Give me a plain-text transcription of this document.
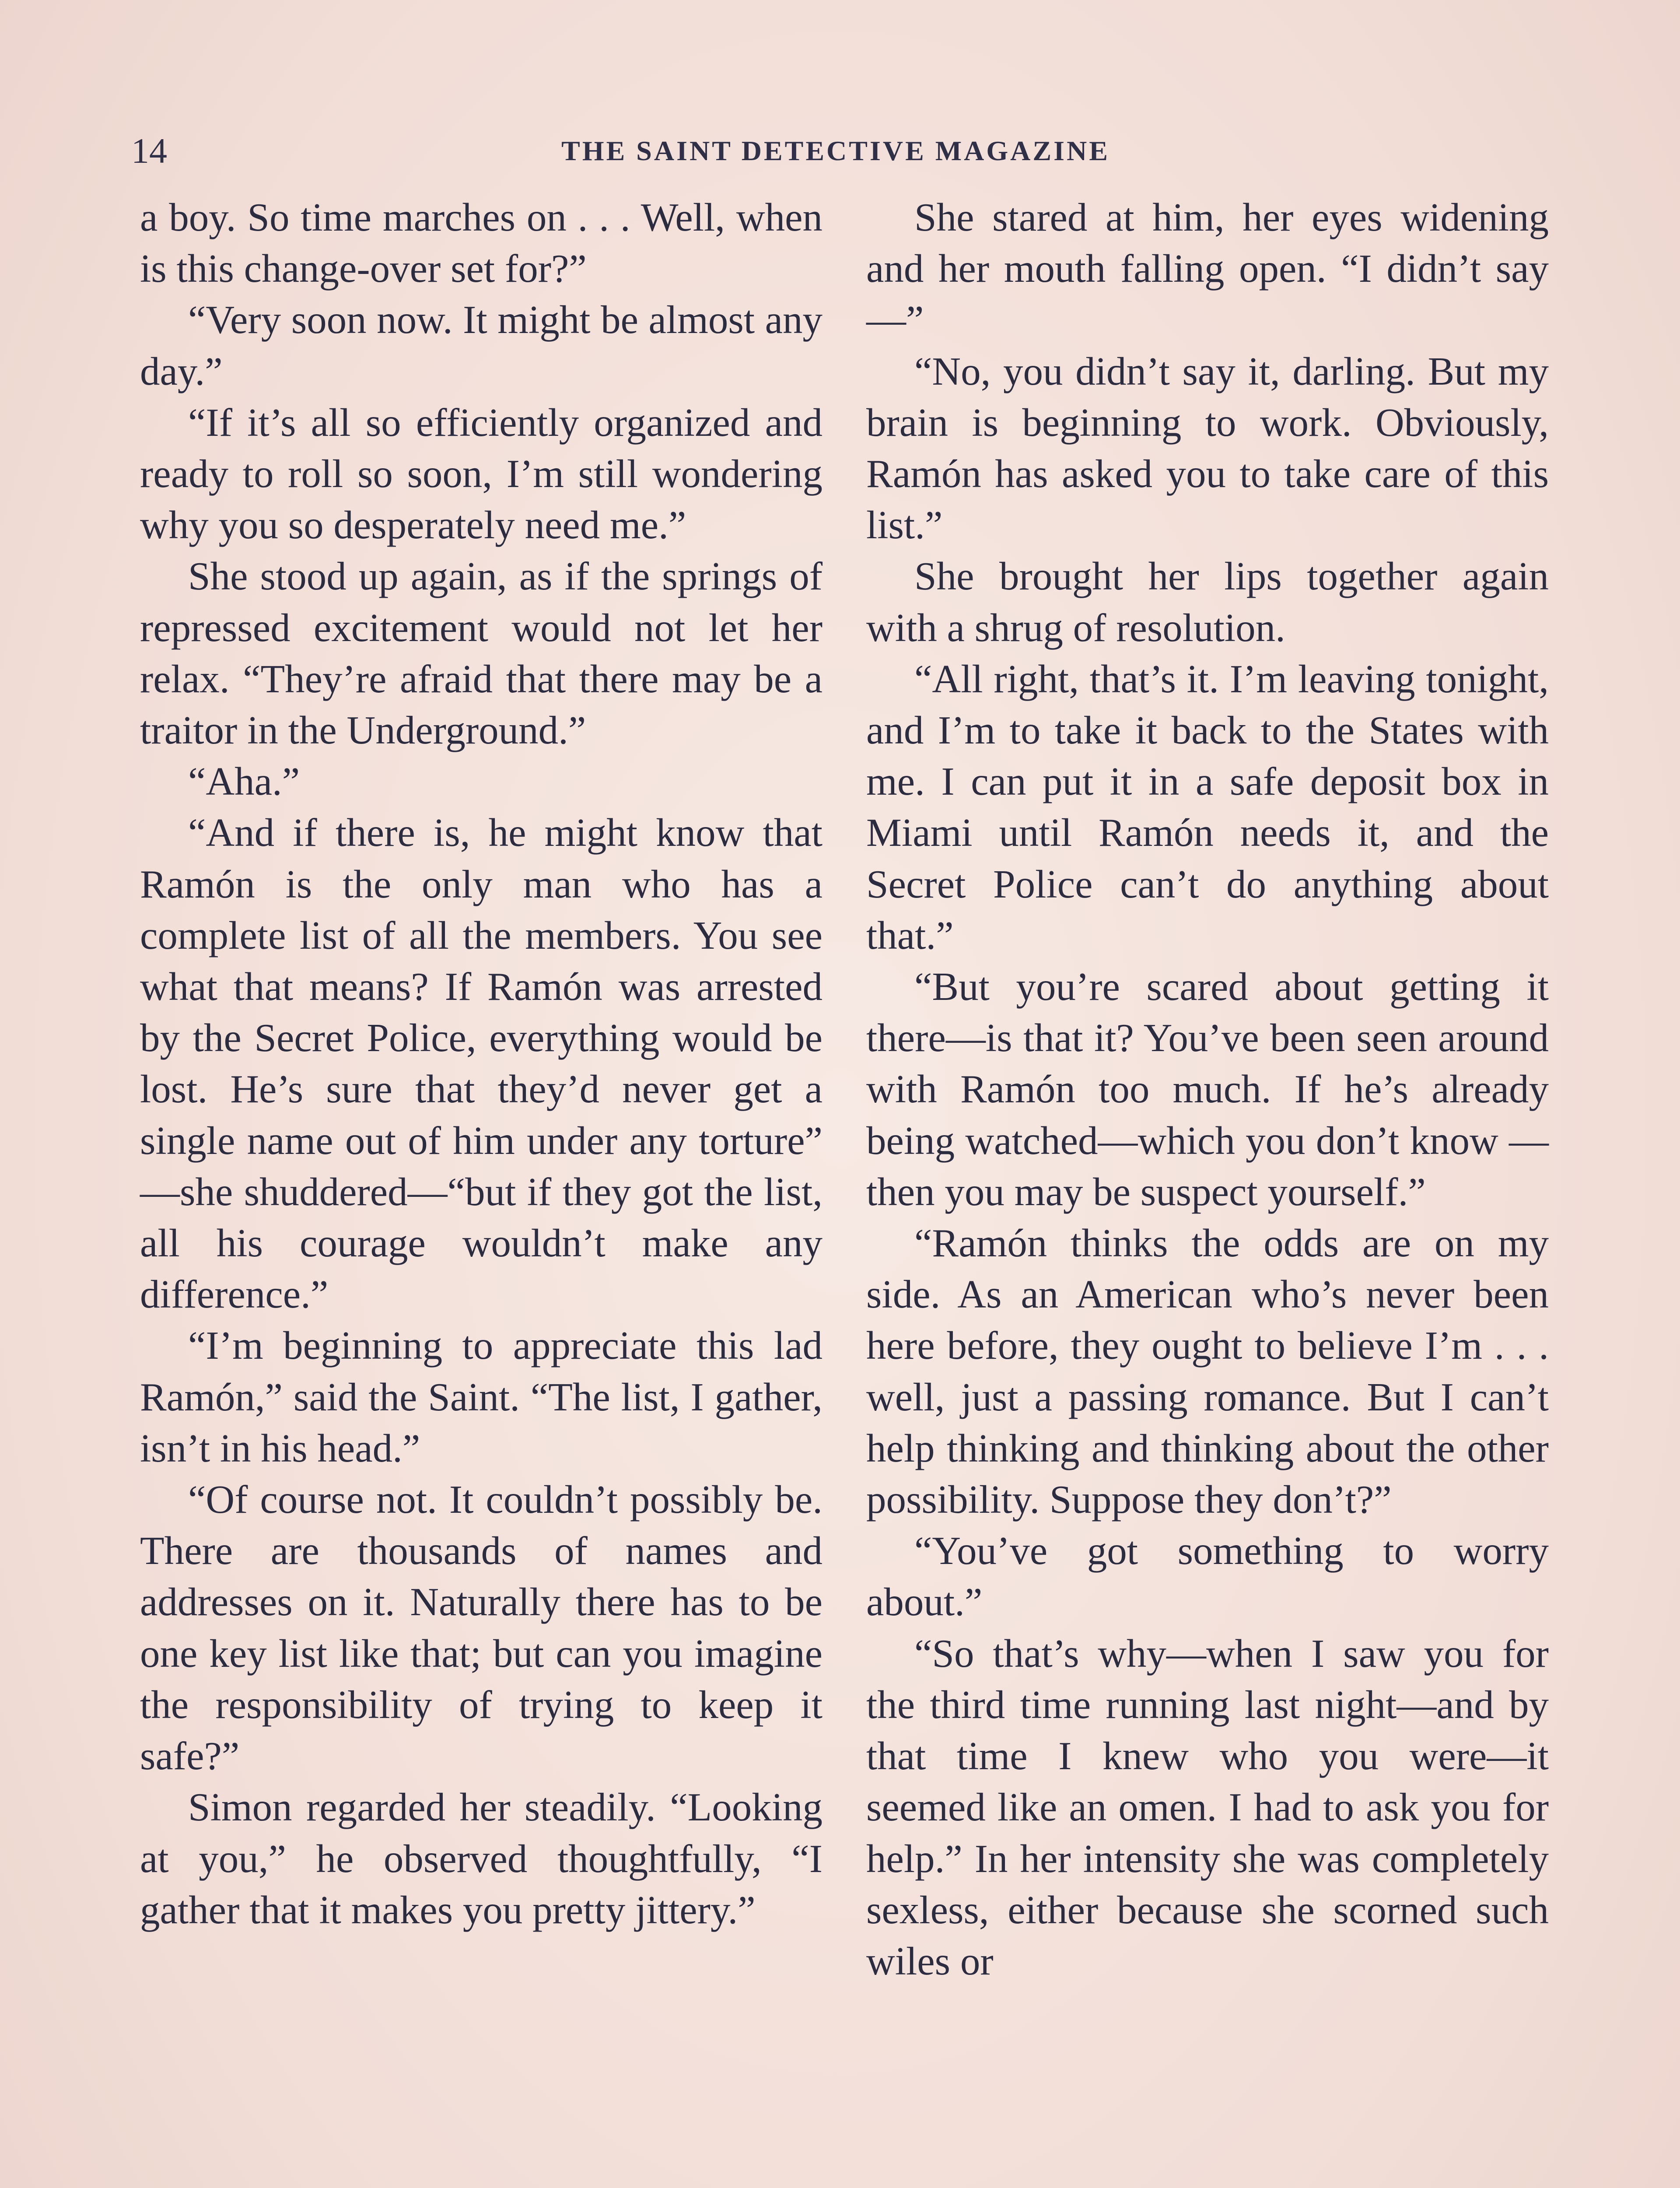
14	THE SAINT DETECTIVE MAGAZINE

a boy. So time marches on . . . Well, when is this change-over set for?”

“Very soon now. It might be almost any day.”

“If it’s all so efficiently organized and ready to roll so soon, I’m still wondering why you so desperately need me.”

She stood up again, as if the springs of repressed excitement would not let her relax. “They’re afraid that there may be a traitor in the Underground.”

“Aha.”

“And if there is, he might know that Ramón is the only man who has a complete list of all the members. You see what that means? If Ramón was arrested by the Secret Police, everything would be lost. He’s sure that they’d never get a single name out of him under any torture” —she shuddered—“but if they got the list, all his courage wouldn’t make any difference.”

“I’m beginning to appreciate this lad Ramón,” said the Saint. “The list, I gather, isn’t in his head.”

“Of course not. It couldn’t possibly be. There are thousands of names and addresses on it. Naturally there has to be one key list like that; but can you imagine the responsibility of trying to keep it safe?”

Simon regarded her steadily. “Looking at you,” he observed thoughtfully, “I gather that it makes you pretty jittery.”

She stared at him, her eyes widening and her mouth falling open. “I didn’t say—”

“No, you didn’t say it, darling. But my brain is beginning to work. Obviously, Ramón has asked you to take care of this list.”

She brought her lips together again with a shrug of resolution.

“All right, that’s it. I’m leaving tonight, and I’m to take it back to the States with me. I can put it in a safe deposit box in Miami until Ramón needs it, and the Secret Police can’t do anything about that.”

“But you’re scared about getting it there—is that it? You’ve been seen around with Ramón too much. If he’s already being watched—which you don’t know —then you may be suspect yourself.”

“Ramón thinks the odds are on my side. As an American who’s never been here before, they ought to believe I’m . . . well, just a passing romance. But I can’t help thinking and thinking about the other possibility. Suppose they don’t?”

“You’ve got something to worry about.”

“So that’s why—when I saw you for the third time running last night—and by that time I knew who you were—it seemed like an omen. I had to ask you for help.” In her intensity she was completely sexless, either because she scorned such wiles or
